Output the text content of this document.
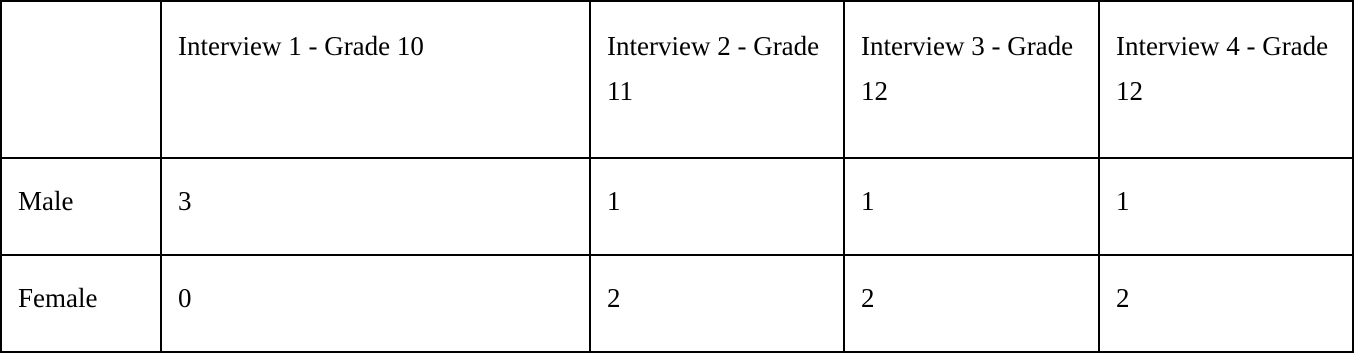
	Interview 1 - Grade 10	Interview 2 - Grade 11	Interview 3 - Grade 12	Interview 4 - Grade 12
Male	3	1	1	1
Female	0	2	2	2
